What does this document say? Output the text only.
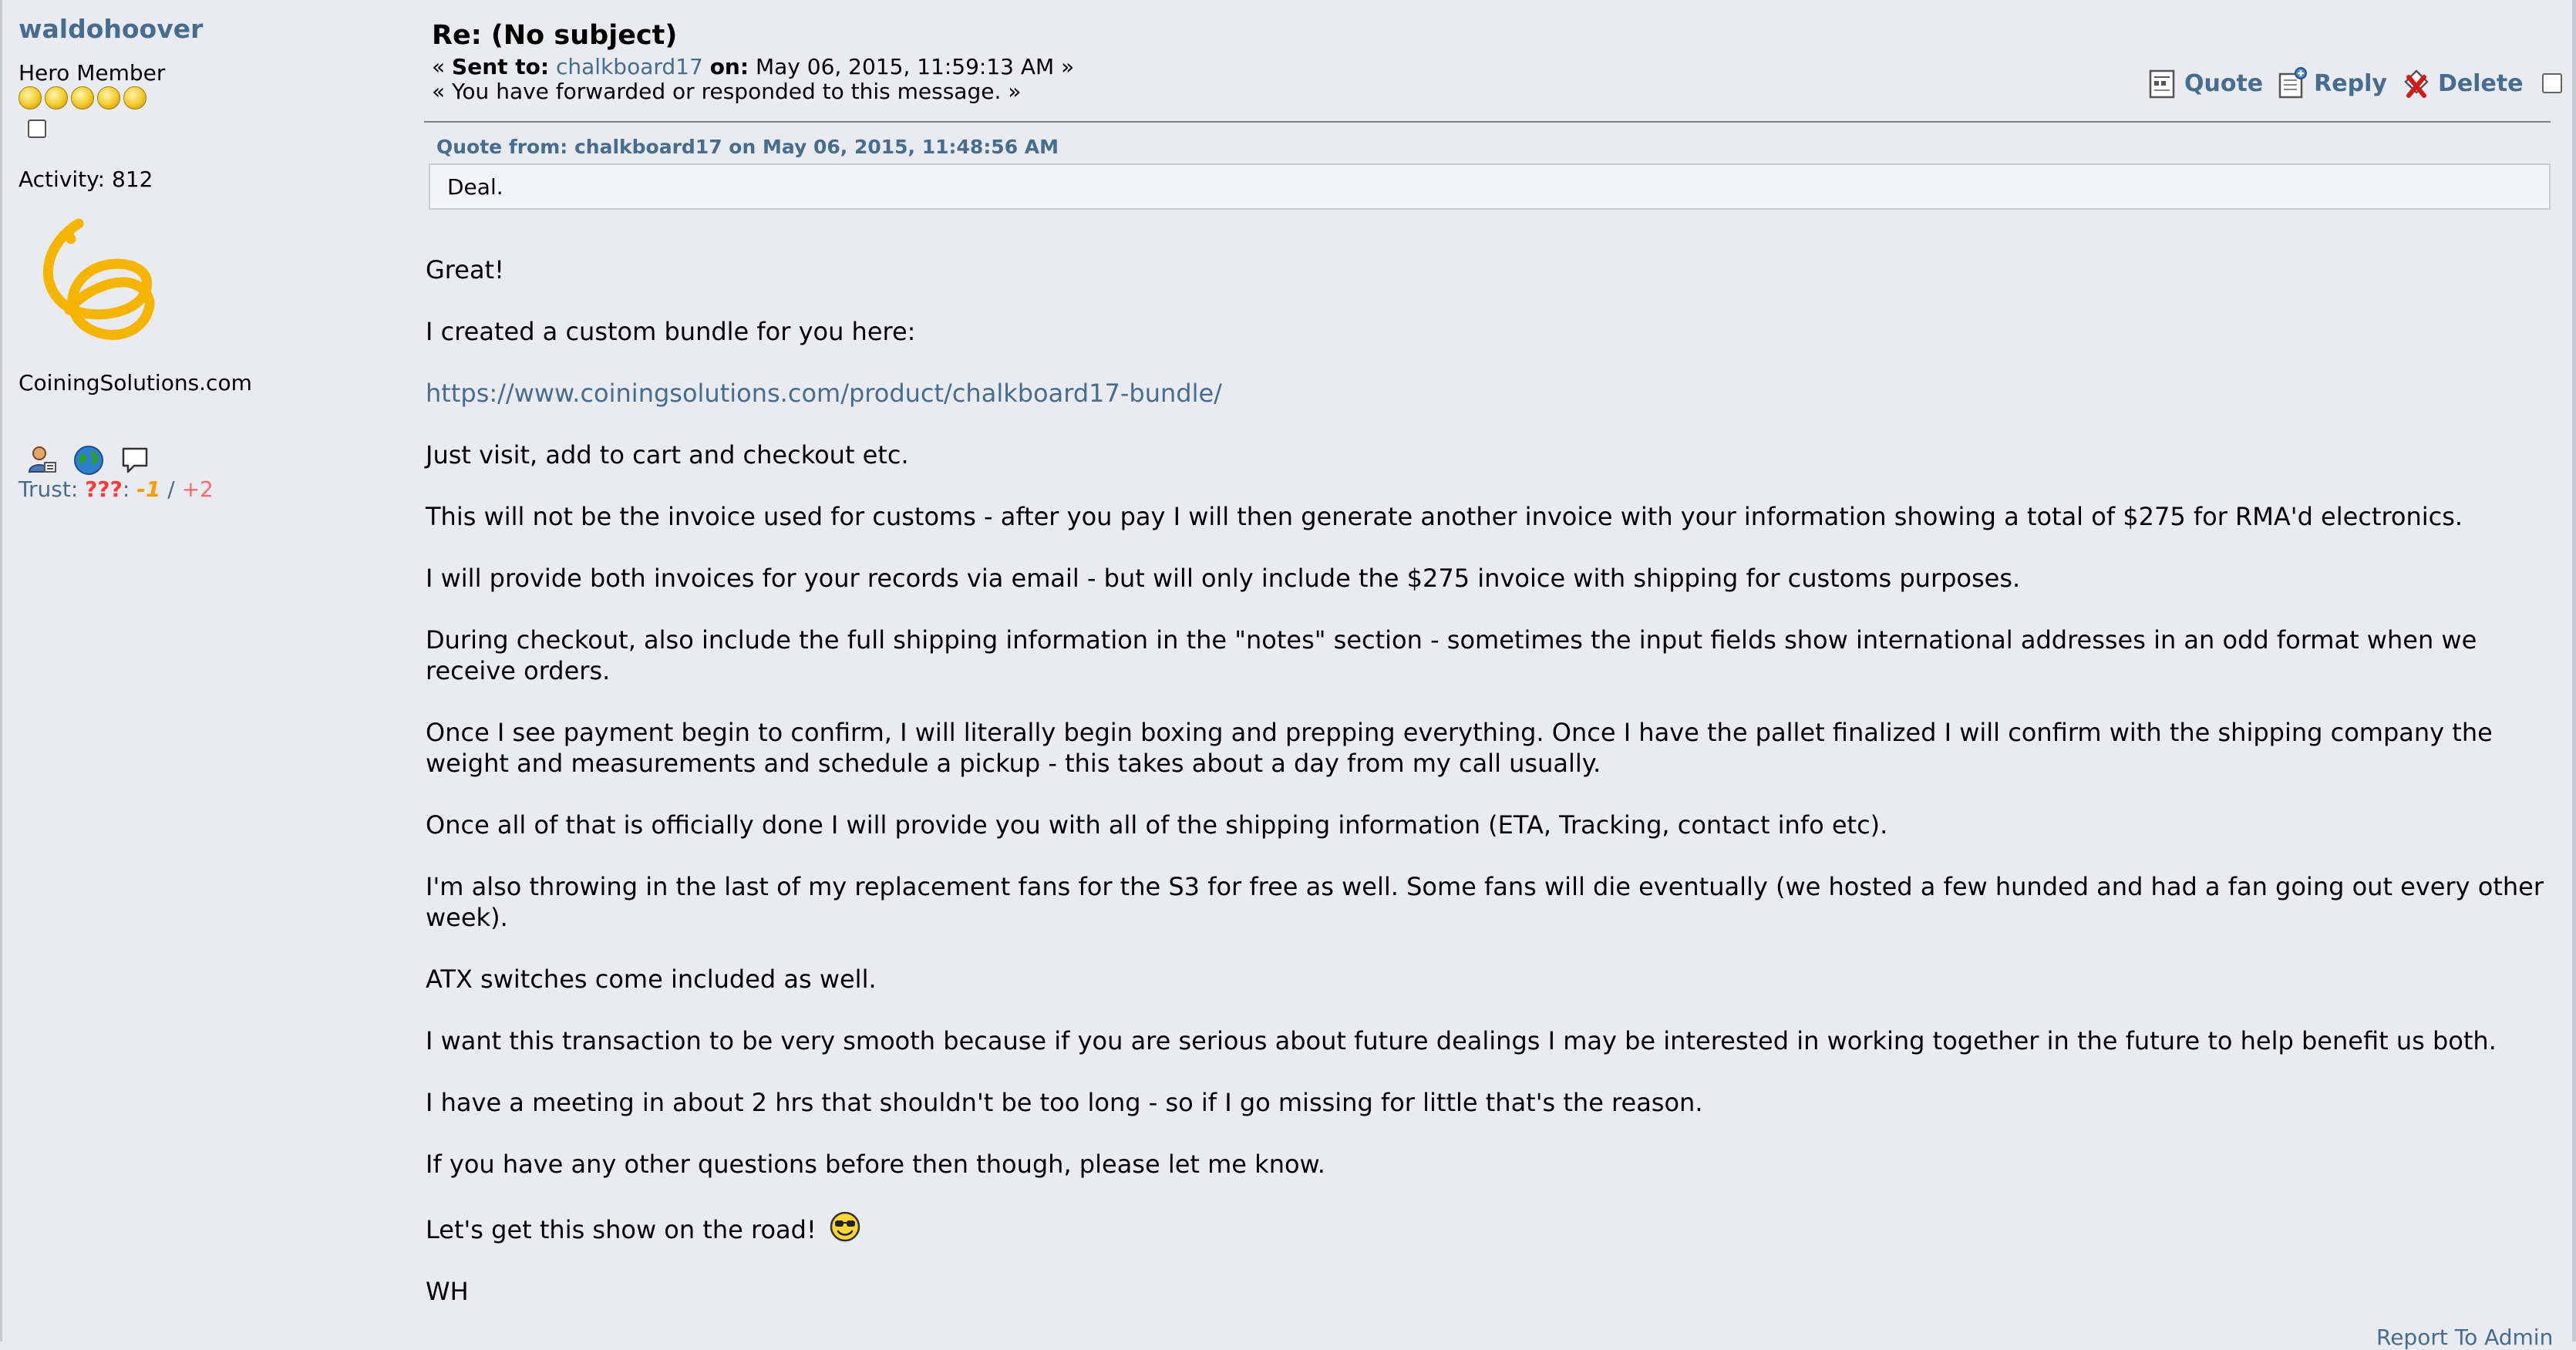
waldohoover
Hero Member
Activity: 812
CoiningSolutions.com
Trust: ???: -1 / +2
Re: (No subject)
« Sent to: chalkboard17 on: May 06, 2015, 11:59:13 AM »
« You have forwarded or responded to this message. »	Quote Reply Delete
Quote from: chalkboard17 on May 06, 2015, 11:48:56 AM
Deal.

Great!

I created a custom bundle for you here:

https://www.coiningsolutions.com/product/chalkboard17-bundle/

Just visit, add to cart and checkout etc.

This will not be the invoice used for customs - after you pay I will then generate another invoice with your information showing a total of $275 for RMA'd electronics.

I will provide both invoices for your records via email - but will only include the $275 invoice with shipping for customs purposes.

During checkout, also include the full shipping information in the "notes" section - sometimes the input fields show international addresses in an odd format when we receive orders.

Once I see payment begin to confirm, I will literally begin boxing and prepping everything. Once I have the pallet finalized I will confirm with the shipping company the weight and measurements and schedule a pickup - this takes about a day from my call usually.

Once all of that is officially done I will provide you with all of the shipping information (ETA, Tracking, contact info etc).

I'm also throwing in the last of my replacement fans for the S3 for free as well. Some fans will die eventually (we hosted a few hunded and had a fan going out every other week).

ATX switches come included as well.

I want this transaction to be very smooth because if you are serious about future dealings I may be interested in working together in the future to help benefit us both.

I have a meeting in about 2 hrs that shouldn't be too long - so if I go missing for little that's the reason.

If you have any other questions before then though, please let me know.

Let's get this show on the road!

WH

Report To Admin
